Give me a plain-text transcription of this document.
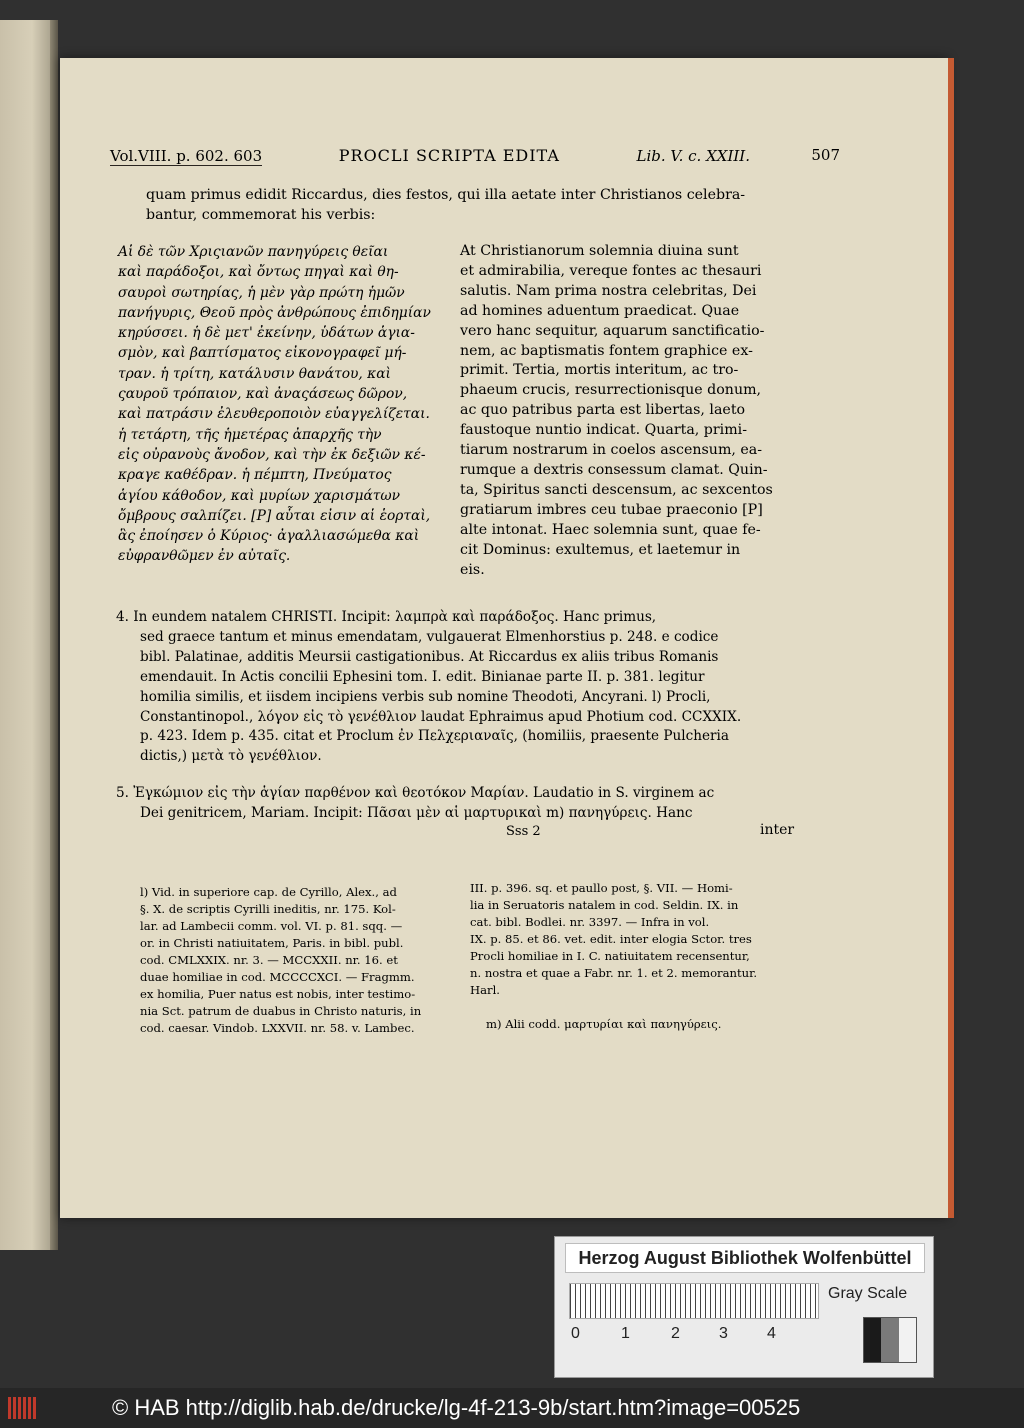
Vol.VIII. p. 602. 603	PROCLI SCRIPTA EDITA	Lib. V. c. XXIII.	507

quam primus edidit Riccardus, dies festos, qui illa aetate inter Christianos celebra-

bantur, commemorat his verbis:

Αἱ δὲ τῶν Χριςιανῶν πανηγύρεις θεῖαι
καὶ παράδοξοι, καὶ ὄντως πηγαὶ καὶ θη-
σαυροὶ σωτηρίας, ἡ μὲν γὰρ πρώτη ἡμῶν
πανήγυρις, Θεοῦ πρὸς ἀνθρώπους ἐπιδημίαν
κηρύσσει. ἡ δὲ μετ' ἐκείνην, ὑδάτων ἁγια-
σμὸν, καὶ βαπτίσματος εἰκονογραφεῖ μή-
τραν. ἡ τρίτη, κατάλυσιν θανάτου, καὶ
ςαυροῦ τρόπαιον, καὶ ἀναςάσεως δῶρον,
καὶ πατράσιν ἐλευθεροποιὸν εὐαγγελίζεται.
ἡ τετάρτη, τῆς ἡμετέρας ἀπαρχῆς τὴν
εἰς οὐρανοὺς ἄνοδον, καὶ τὴν ἐκ δεξιῶν κέ-
κραγε καθέδραν. ἡ πέμπτη, Πνεύματος
ἁγίου κάθοδον, καὶ μυρίων χαρισμάτων
ὄμβρους σαλπίζει. [P] αὗται εἰσιν αἱ ἑορταὶ,
ἃς ἐποίησεν ὁ Κύριος· ἀγαλλιασώμεθα καὶ
εὐφρανθῶμεν ἐν αὐταῖς.
At Christianorum solemnia diuina sunt
et admirabilia, vereque fontes ac thesauri
salutis. Nam prima nostra celebritas, Dei
ad homines aduentum praedicat. Quae
vero hanc sequitur, aquarum sanctificatio-
nem, ac baptismatis fontem graphice ex-
primit. Tertia, mortis interitum, ac tro-
phaeum crucis, resurrectionisque donum,
ac quo patribus parta est libertas, laeto
faustoque nuntio indicat. Quarta, primi-
tiarum nostrarum in coelos ascensum, ea-
rumque a dextris consessum clamat. Quin-
ta, Spiritus sancti descensum, ac sexcentos
gratiarum imbres ceu tubae praeconio [P]
alte intonat. Haec solemnia sunt, quae fe-
cit Dominus: exultemus, et laetemur in
eis.
4. In eundem natalem CHRISTI. Incipit: λαμπρὰ καὶ παράδοξος. Hanc primus,
sed graece tantum et minus emendatam, vulgauerat Elmenhorstius p. 248. e codice
bibl. Palatinae, additis Meursii castigationibus. At Riccardus ex aliis tribus Romanis
emendauit. In Actis concilii Ephesini tom. I. edit. Binianae parte II. p. 381. legitur
homilia similis, et iisdem incipiens verbis sub nomine Theodoti, Ancyrani. l) Procli,
Constantinopol., λόγον εἰς τὸ γενέθλιον laudat Ephraimus apud Photium cod. CCXXIX.
p. 423. Idem p. 435. citat et Proclum ἐν Πελχεριαναῖς, (homiliis, praesente Pulcheria
dictis,) μετὰ τὸ γενέθλιον.
5. Ἐγκώμιον εἰς τὴν ἁγίαν παρθένον καὶ θεοτόκον Μαρίαν. Laudatio in S. virginem ac
Dei genitricem, Mariam. Incipit: Πᾶσαι μὲν αἱ μαρτυρικαὶ m) πανηγύρεις. Hanc
Sss 2	inter
l) Vid. in superiore cap. de Cyrillo, Alex., ad
§. X. de scriptis Cyrilli ineditis, nr. 175. Kol-
lar. ad Lambecii comm. vol. VI. p. 81. sqq. —
or. in Christi natiuitatem, Paris. in bibl. publ.
cod. CMLXXIX. nr. 3. — MCCXXII. nr. 16. et
duae homiliae in cod. MCCCCXCI. — Fragmm.
ex homilia, Puer natus est nobis, inter testimo-
nia Sct. patrum de duabus in Christo naturis, in
cod. caesar. Vindob. LXXVII. nr. 58. v. Lambec.
III. p. 396. sq. et paullo post, §. VII. — Homi-
lia in Seruatoris natalem in cod. Seldin. IX. in
cat. bibl. Bodlei. nr. 3397. — Infra in vol.
IX. p. 85. et 86. vet. edit. inter elogia Sctor. tres
Procli homiliae in I. C. natiuitatem recensentur,
n. nostra et quae a Fabr. nr. 1. et 2. memorantur.
Harl.
m) Alii codd. μαρτυρίαι καὶ πανηγύρεις.
Herzog August Bibliothek Wolfenbüttel
0	1	2 3 4
Gray Scale
© HAB http://diglib.hab.de/drucke/lg-4f-213-9b/start.htm?image=00525
